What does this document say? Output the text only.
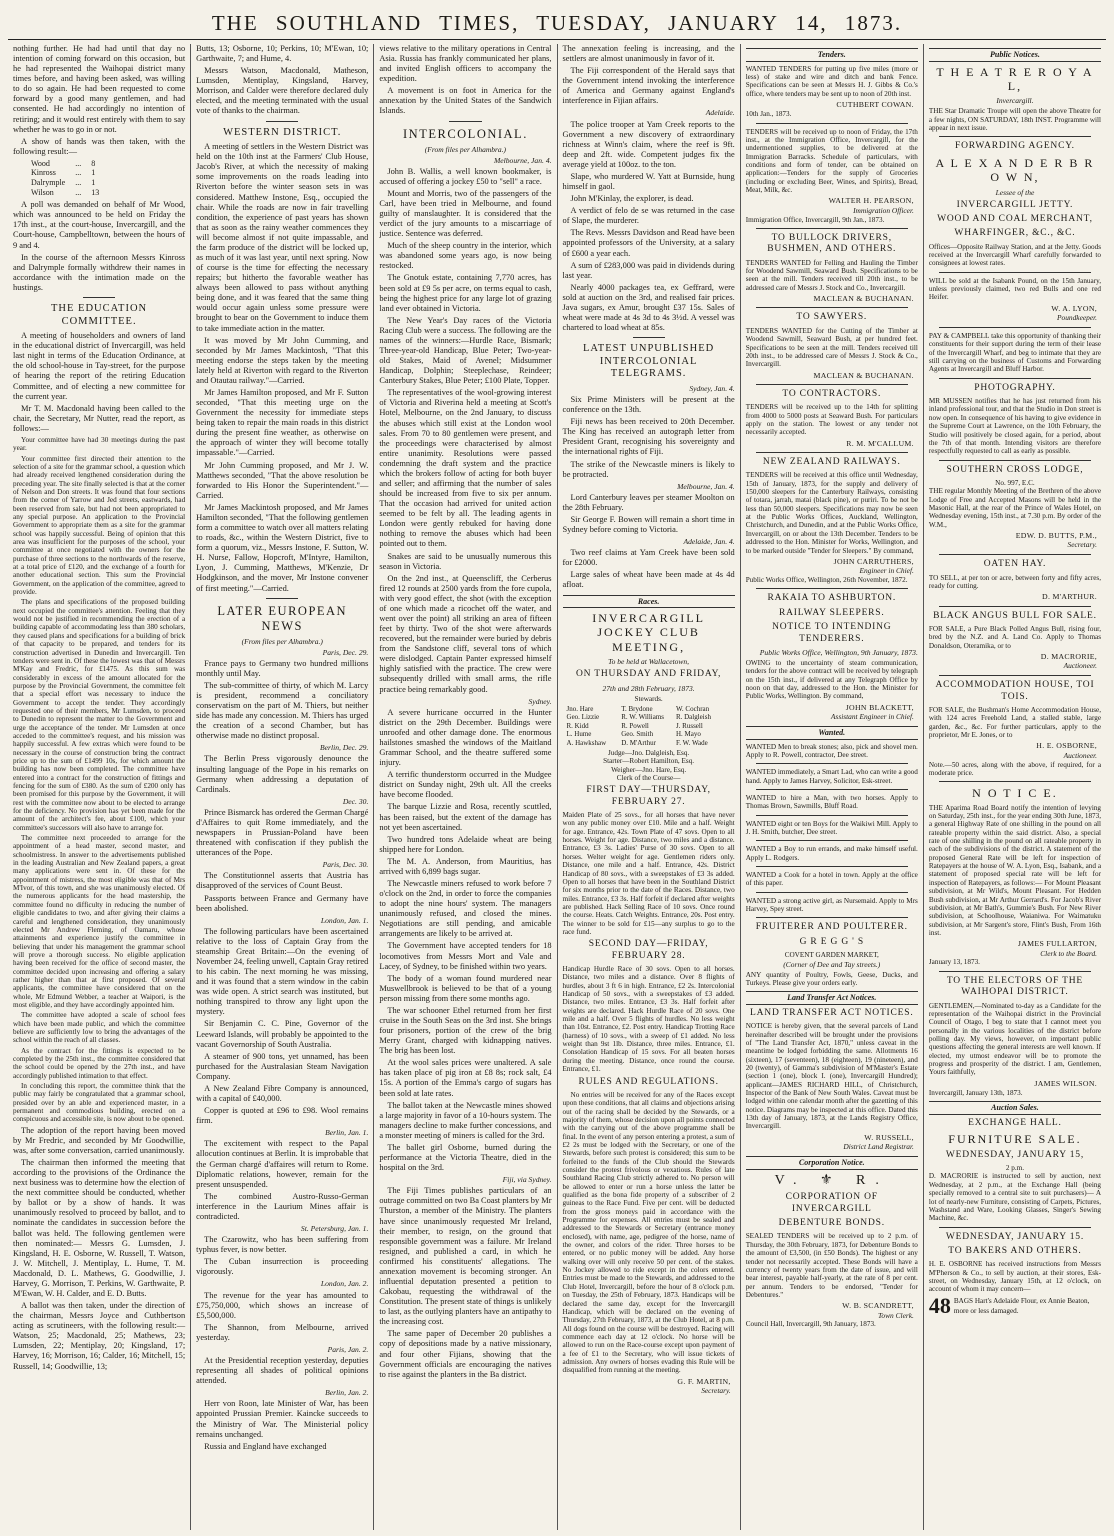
THE SOUTHLAND TIMES, TUESDAY, JANUARY 14, 1873.

nothing further. He had had until that day no intention of coming forward on this occasion, but he had represented the Waihopai district many times before, and having been asked, was willing to do so again. He had been requested to come forward by a good many gentlemen, and had consented. He had accordingly no intention of retiring; and it would rest entirely with them to say whether he was to go in or not.

A show of hands was then taken, with the following result:—

Wood	...	8
Kinross	...	1
Dalrymple	...	1
Wilson	...	13

A poll was demanded on behalf of Mr Wood, which was announced to be held on Friday the 17th inst., at the court-house, Invercargill, and the Court-house, Campbelltown, between the hours of 9 and 4.

In the course of the afternoon Messrs Kinross and Dalrymple formally withdrew their names in accordance with the intimation made on the hustings.

THE EDUCATION COMMITTEE.

A meeting of householders and owners of land in the educational district of Invercargill, was held last night in terms of the Education Ordinance, at the old school-house in Tay-street, for the purpose of hearing the report of the retiring Education Committee, and of electing a new committee for the current year.

Mr T. M. Macdonald having been called to the chair, the Secretary, Mr Nutter, read the report, as follows:—

Your committee have had 30 meetings during the past year.

Your committee first directed their attention to the selection of a site for the grammar school, a question which had already received lengthened consideration during the preceding year. The site finally selected is that at the corner of Nelson and Don streets. It was found that four sections from the corner of Yarrow and Jed streets, eastwards, had been reserved from sale, but had not been appropriated to any special purpose. An application to the Provincial Government to appropriate them as a site for the grammar school was happily successful. Being of opinion that this area was insufficient for the purposes of the school, your committee at once negotiated with the owners for the purchase of three sections to the northwards of the reserve, at a total price of £120, and the exchange of a fourth for another educational section. This sum the Provincial Government, on the application of the committee, agreed to provide.

The plans and specifications of the proposed building next occupied the committee's attention. Feeling that they would not be justified in recommending the erection of a building capable of accommodating less than 380 scholars, they caused plans and specifications for a building of brick of that capacity to be prepared, and tenders for its construction advertised in Dunedin and Invercargill. Ten tenders were sent in. Of these the lowest was that of Messrs M'Kay and Fredric, for £1475. As this sum was considerably in excess of the amount allocated for the purpose by the Provincial Government, the committee felt that a special effort was necessary to induce the Government to accept the tender. They accordingly requested one of their members, Mr Lumsden, to proceed to Dunedin to represent the matter to the Government and urge the acceptance of the tender. Mr Lumsden at once acceded to the committee's request, and his mission was happily successful. A few extras which were found to be necessary in the course of construction bring the contract price up to the sum of £1499 10s, for which amount the building has now been completed. The committee have entered into a contract for the construction of fittings and fencing for the sum of £380. As the sum of £200 only has been promised for this purpose by the Government, it will rest with the committee now about to be elected to arrange for the deficiency. No provision has yet been made for the amount of the architect's fee, about £100, which your committee's successors will also have to arrange for.

The committee next proceeded to arrange for the appointment of a head master, second master, and schoolmistress. In answer to the advertisements published in the leading Australian and New Zealand papers, a great many applications were sent in. Of these for the appointment of mistress, the most eligible was that of Mrs M'Ivor, of this town, and she was unanimously elected. Of the numerous applicants for the head mastership, the committee found no difficulty in reducing the number of eligible candidates to two, and after giving their claims a careful and lengthened consideration, they unanimously elected Mr Andrew Fleming, of Oamaru, whose attainments and experience justify the committee in believing that under his management the grammar school will prove a thorough success. No eligible application having been received for the office of second master, the committee decided upon increasing and offering a salary rather higher than that at first proposed. Of several applicants, the committee have considered that on the whole, Mr Edmund Webber, a teacher at Waipori, is the most eligible, and they have accordingly appointed him.

The committee have adopted a scale of school fees which have been made public, and which the committee believe are sufficiently low to bring the advantages of the school within the reach of all classes.

As the contract for the fittings is expected to be completed by the 25th inst., the committee considered that the school could be opened by the 27th inst., and have accordingly published intimation to that effect.

In concluding this report, the committee think that the public may fairly be congratulated that a grammar school, presided over by an able and experienced master, in a permanent and commodious building, erected on a conspicuous and accessible site, is now about to be opened.

The adoption of the report having been moved by Mr Fredric, and seconded by Mr Goodwillie, was, after some conversation, carried unanimously.

The chairman then informed the meeting that according to the provisions of the Ordinance the next business was to determine how the election of the next committee should be conducted, whether by ballot or by a show of hands. It was unanimously resolved to proceed by ballot, and to nominate the candidates in succession before the ballot was held. The following gentlemen were then nominated:— Messrs G. Lumsden, J. Kingsland, H. E. Osborne, W. Russell, T. Watson, J. W. Mitchell, J. Mentiplay, L. Hume, T. M. Macdonald, D. L. Mathews, G. Goodwillie, J. Harvey, G. Morrison, T. Perkins, W. Garthwaite, P. M'Ewan, W. H. Calder, and E. D. Butts.

A ballot was then taken, under the direction of the chairman, Messrs Joyce and Cuthbertson acting as scrutineers, with the following result:— Watson, 25; Macdonald, 25; Mathews, 23; Lumsden, 22; Mentiplay, 20; Kingsland, 17; Harvey, 16; Morrison, 16; Calder, 16; Mitchell, 15; Russell, 14; Goodwillie, 13;

Butts, 13; Osborne, 10; Perkins, 10; M'Ewan, 10; Garthwaite, 7; and Hume, 4.

Messrs Watson, Macdonald, Matheson, Lumsden, Mentiplay, Kingsland, Harvey, Morrison, and Calder were therefore declared duly elected, and the meeting terminated with the usual vote of thanks to the chairman.

WESTERN DISTRICT.

A meeting of settlers in the Western District was held on the 10th inst at the Farmers' Club House, Jacob's River, at which the necessity of making some improvements on the roads leading into Riverton before the winter season sets in was considered. Matthew Instone, Esq., occupied the chair. While the roads are now in fair travelling condition, the experience of past years has shown that as soon as the rainy weather commences they will become almost if not quite impassable, and the farm produce of the district will be locked up, as much of it was last year, until next spring. Now of course is the time for effecting the necessary repairs; but hitherto the favorable weather has always been allowed to pass without anything being done, and it was feared that the same thing would occur again unless some pressure were brought to bear on the Government to induce them to take immediate action in the matter.

It was moved by Mr John Cumming, and seconded by Mr James Mackintosh, "That this meeting endorse the steps taken by the meeting lately held at Riverton with regard to the Riverton and Otautau railway."—Carried.

Mr James Hamilton proposed, and Mr F. Sutton seconded, "That this meeting urge on the Government the necessity for immediate steps being taken to repair the main roads in this district during the present fine weather, as otherwise on the approach of winter they will become totally impassable."—Carried.

Mr John Cumming proposed, and Mr J. W. Matthews seconded, "That the above resolution be forwarded to His Honor the Superintendent."—Carried.

Mr James Mackintosh proposed, and Mr James Hamilton seconded, "That the following gentlemen form a committee to watch over all matters relating to roads, &c., within the Western District, five to form a quorum, viz., Messrs Instone, F. Sutton, W. H. Nurse, Fallow, Hopcroft, M'Intyre, Hamilton, Lyon, J. Cumming, Matthews, M'Kenzie, Dr Hodgkinson, and the mover, Mr Instone convener of first meeting."—Carried.

LATER EUROPEAN NEWS
(From files per Alhambra.)
Paris, Dec. 29.

France pays to Germany two hundred millions monthly until May.

The sub-committee of thirty, of which M. Larcy is president, recommend a conciliatory conservatism on the part of M. Thiers, but neither side has made any concession. M. Thiers has urged the creation of a second Chamber, but has otherwise made no distinct proposal.

Berlin, Dec. 29.

The Berlin Press vigorously denounce the insulting language of the Pope in his remarks on Germany when addressing a deputation of Cardinals.

Dec. 30.

Prince Bismarck has ordered the German Chargé d'Affaires to quit Rome immediately, and the newspapers in Prussian-Poland have been threatened with confiscation if they publish the utterances of the Pope.

Paris, Dec. 30.

The Constitutionnel asserts that Austria has disapproved of the services of Count Beust.

Passports between France and Germany have been abolished.

London, Jan. 1.

The following particulars have been ascertained relative to the loss of Captain Gray from the steamship Great Britain:—On the evening of November 24, feeling unwell, Captain Gray retired to his cabin. The next morning he was missing, and it was found that a stern window in the cabin was wide open. A strict search was instituted, but nothing transpired to throw any light upon the mystery.

Sir Benjamin C. C. Pine, Governor of the Leeward Islands, will probably be appointed to the vacant Governorship of South Australia.

A steamer of 900 tons, yet unnamed, has been purchased for the Australasian Steam Navigation Company.

A New Zealand Fibre Company is announced, with a capital of £40,000.

Copper is quoted at £96 to £98. Wool remains firm.

Berlin, Jan. 1.

The excitement with respect to the Papal allocution continues at Berlin. It is improbable that the German chargé d'affaires will return to Rome. Diplomatic relations, however, remain for the present unsuspended.

The combined Austro-Russo-German interference in the Laurium Mines affair is contradicted.

St. Petersburg, Jan. 1.

The Czarowitz, who has been suffering from typhus fever, is now better.

The Cuban insurrection is proceeding vigorously.

London, Jan. 2.

The revenue for the year has amounted to £75,750,000, which shows an increase of £5,500,000.

The Shannon, from Melbourne, arrived yesterday.

Paris, Jan. 2.

At the Presidential reception yesterday, deputies representing all shades of political opinions attended.

Berlin, Jan. 2.

Herr von Roon, late Minister of War, has been appointed Prussian Premier. Kaincke succeeds to the Ministry of War. The Ministerial policy remains unchanged.

Russia and England have exchanged

views relative to the military operations in Central Asia. Russia has frankly communicated her plans, and invited English officers to accompany the expedition.

A movement is on foot in America for the annexation by the United States of the Sandwich Islands.

INTERCOLONIAL.
(From files per Alhambra.)
Melbourne, Jan. 4.

John B. Wallis, a well known bookmaker, is accused of offering a jockey £50 to "sell" a race.

Mount and Morris, two of the passengers of the Carl, have been tried in Melbourne, and found guilty of manslaughter. It is considered that the verdict of the jury amounts to a miscarriage of justice. Sentence was deferred.

Much of the sheep country in the interior, which was abandoned some years ago, is now being restocked.

The Gnotuk estate, containing 7,770 acres, has been sold at £9 5s per acre, on terms equal to cash, being the highest price for any large lot of grazing land ever obtained in Victoria.

The New Year's Day races of the Victoria Racing Club were a success. The following are the names of the winners:—Hurdle Race, Bismark; Three-year-old Handicap, Blue Peter; Two-year-old Stakes, Maid of Avenel; Midsummer Handicap, Dolphin; Steeplechase, Reindeer; Canterbury Stakes, Blue Peter; £100 Plate, Topper.

The representatives of the wool-growing interest of Victoria and Riverina held a meeting at Scott's Hotel, Melbourne, on the 2nd January, to discuss the abuses which still exist at the London wool sales. From 70 to 80 gentlemen were present, and the proceedings were characterised by almost entire unanimity. Resolutions were passed condemning the draft system and the practice which the brokers follow of acting for both buyer and seller; and affirming that the number of sales should be increased from five to six per annum. That the occasion had arrived for united action seemed to be felt by all. The leading agents in London were gently rebuked for having done nothing to remove the abuses which had been pointed out to them.

Snakes are said to be unusually numerous this season in Victoria.

On the 2nd inst., at Queenscliff, the Cerberus fired 12 rounds at 2500 yards from the fore cupola, with very good effect, the shot (with the exception of one which made a ricochet off the water, and went over the point) all striking an area of fifteen feet by thirty. Two of the shot were afterwards recovered, but the remainder were buried by debris from the Sandstone cliff, several tons of which were dislodged. Captain Panter expressed himself highly satisfied with the practice. The crew were subsequently drilled with small arms, the rifle practice being remarkably good.

Sydney.

A severe hurricane occurred in the Hunter district on the 29th December. Buildings were unroofed and other damage done. The enormous hailstones smashed the windows of the Maitland Grammar School, and the theatre suffered some injury.

A terrific thunderstorm occurred in the Mudgee district on Sunday night, 29th ult. All the creeks have become flooded.

The barque Lizzie and Rosa, recently scuttled, has been raised, but the extent of the damage has not yet been ascertained.

Two hundred tons Adelaide wheat are being shipped here for London.

The M. A. Anderson, from Mauritius, has arrived with 6,899 bags sugar.

The Newcastle miners refused to work before 7 o'clock on the 2nd, in order to force the companies to adopt the nine hours' system. The managers unanimously refused, and closed the mines. Negotiations are still pending, and amicable arrangements are likely to be arrived at.

The Government have accepted tenders for 18 locomotives from Messrs Mort and Vale and Lacey, of Sydney, to be finished within two years.

The body of a woman found murdered near Muswellbrook is believed to be that of a young person missing from there some months ago.

The war schooner Ethel returned from her first cruise in the South Seas on the 3rd inst. She brings four prisoners, portion of the crew of the brig Merry Grant, charged with kidnapping natives. The brig has been lost.

At the wool sales prices were unaltered. A sale has taken place of pig iron at £8 8s; rock salt, £4 15s. A portion of the Emma's cargo of sugars has been sold at late rates.

The ballot taken at the Newcastle mines showed a large majority in favor of a 10-hours system. The managers decline to make further concessions, and a monster meeting of miners is called for the 3rd.

The ballet girl Osborne, burned during the performance at the Victoria Theatre, died in the hospital on the 3rd.

Fiji, via Sydney.

The Fiji Times publishes particulars of an outrage committed on two Ba Coast planters by Mr Thurston, a member of the Ministry. The planters have since unanimously requested Mr Ireland, their member, to resign, on the ground that responsible government was a failure. Mr Ireland resigned, and published a card, in which he confirmed his constituents' allegations. The annexation movement is becoming stronger. An influential deputation presented a petition to Cakobau, requesting the withdrawal of the Constitution. The present state of things is unlikely to last, as the outlying planters have an antipathy to the increasing cost.

The same paper of December 20 publishes a copy of depositions made by a native missionary, and four other Fijians, showing that the Government officials are encouraging the natives to rise against the planters in the Ba district.

The annexation feeling is increasing, and the settlers are almost unanimously in favor of it.

The Fiji correspondent of the Herald says that the Government intend invoking the interference of America and Germany against England's interference in Fijian affairs.

Adelaide.

The police trooper at Yam Creek reports to the Government a new discovery of extraordinary richness at Winn's claim, where the reef is 9ft. deep and 2ft. wide. Competent judges fix the average yield at 100oz. to the ton.

Slape, who murdered W. Yatt at Burnside, hung himself in gaol.

John M'Kinlay, the explorer, is dead.

A verdict of felo de se was returned in the case of Slape, the murderer.

The Revs. Messrs Davidson and Read have been appointed professors of the University, at a salary of £600 a year each.

A sum of £283,000 was paid in dividends during last year.

Nearly 4000 packages tea, ex Geffrard, were sold at auction on the 3rd, and realised fair prices. Java sugars, ex Amur, brought £37 15s. Sales of wheat were made at 4s 3d to 4s 3½d. A vessel was chartered to load wheat at 85s.

LATEST UNPUBLISHED INTERCOLONIAL TELEGRAMS.
Sydney, Jan. 4.

Six Prime Ministers will be present at the conference on the 13th.

Fiji news has been received to 20th December. The King has received an autograph letter from President Grant, recognising his sovereignty and the international rights of Fiji.

The strike of the Newcastle miners is likely to be protracted.

Melbourne, Jan. 4.

Lord Canterbury leaves per steamer Moolton on the 28th February.

Sir George F. Bowen will remain a short time in Sydney before coming to Victoria.

Adelaide, Jan. 4.

Two reef claims at Yam Creek have been sold for £2000.

Large sales of wheat have been made at 4s 4d afloat.

Races.
INVERCARGILL JOCKEY CLUB MEETING,
To be held at Wallacetown,
ON THURSDAY AND FRIDAY,
27th and 28th February, 1873.
Stewards.
Jno. Hare	T. Brydone	W. Cochran
Geo. Lizzie	R. W. Williams	R. Dalgleish
R. Kidd	R. Powell	J. Russell
L. Hume	Geo. Smith	H. Mayo
A. Hawkshaw	D. M'Arthur	F. W. Wade
Judge—Jno. Dalgleish, Esq.
Starter—Robert Hamilton, Esq.
Weigher—Jno. Hare, Esq.
Clerk of the Course—
FIRST DAY—THURSDAY, FEBRUARY 27.

Maiden Plate of 25 sovs., for all horses that have never won any public money over £10. Mile and a half. Weight for age. Entrance, 42s. Town Plate of 47 sovs. Open to all horses. Weight for age. Distance, two miles and a distance. Entrance, £3 3s. Ladies' Purse of 30 sovs. Open to all horses. Welter weight for age. Gentlemen riders only. Distance, one mile and a half. Entrance, 42s. District Handicap of 80 sovs., with a sweepstakes of £3 3s added. Open to all horses that have been in the Southland District for six months prior to the date of the Races. Distance, two miles. Entrance, £3 3s. Half forfeit if declared after weights are published. Hack Selling Race of 10 sovs. Once round the course. Heats. Catch Weights. Entrance, 20s. Post entry. The winner to be sold for £15—any surplus to go to the race fund.

SECOND DAY—FRIDAY, FEBRUARY 28.

Handicap Hurdle Race of 30 sovs. Open to all horses. Distance, two miles and a distance. Over 8 flights of hurdles, about 3 ft 6 in high. Entrance, £2 2s. Intercolonial Handicap of 50 sovs., with a sweepstakes of £3 added. Distance, two miles. Entrance, £3 3s. Half forfeit after weights are declared. Hack Hurdle Race of 20 sovs. One mile and a half. Over 5 flights of hurdles. No less weight than 10st. Entrance, £2. Post entry. Handicap Trotting Race (harness) of 10 sovs., with a sweep of £1 added. No less weight than 9st 1lb. Distance, three miles. Entrance, £1. Consolation Handicap of 15 sovs. For all beaten horses during the meeting. Distance, once round the course. Entrance, £1.

RULES AND REGULATIONS.

No entries will be received for any of the Races except upon these conditions, that all claims and objections arising out of the racing shall be decided by the Stewards, or a majority of them, whose decision upon all points connected with the carrying out of the above programme shall be final. In the event of any person entering a protest, a sum of £2 2s must be lodged with the Secretary, or one of the Stewards, before such protest is considered; this sum to be forfeited to the funds of the Club should the Stewards consider the protest frivolous or vexatious. Rules of late Southland Racing Club strictly adhered to. No person will be allowed to enter or run a horse unless the latter be qualified as the bona fide property of a subscriber of 2 guineas to the Race Fund. Five per cent. will be deducted from the gross moneys paid in accordance with the Programme for expenses. All entries must be sealed and addressed to the Stewards or Secretary (entrance money enclosed), with name, age, pedigree of the horse, name of the owner, and colors of the rider. Three horses to be entered, or no public money will be added. Any horse walking over will only receive 50 per cent. of the stakes. No Jockey allowed to ride except in the colors entered. Entries must be made to the Stewards, and addressed to the Club Hotel, Invercargill, before the hour of 8 o'clock p.m. on Tuesday, the 25th of February, 1873. Handicaps will be declared the same day, except for the Invercargill Handicap, which will be declared on the evening of Thursday, 27th February, 1873, at the Club Hotel, at 8 p.m. All dogs found on the course will be destroyed. Racing will commence each day at 12 o'clock. No horse will be allowed to run on the Race-course except upon payment of a fee of £1 to the Secretary, who will issue tickets of admission. Any owners of horses evading this Rule will be disqualified from running at the meeting.

G. F. MARTIN,
Secretary.
Tenders.

WANTED TENDERS for putting up five miles (more or less) of stake and wire and ditch and bank Fence. Specifications can be seen at Messrs H. J. Gibbs & Co.'s office, where tenders may be sent up to noon of 20th inst.

CUTHBERT COWAN.
10th Jan., 1873.

TENDERS will be received up to noon of Friday, the 17th inst., at the Immigration Office, Invercargill, for the undermentioned supplies, to be delivered at the Immigration Barracks. Schedule of particulars, with conditions and form of tender, can be obtained on application:—Tenders for the supply of Groceries (including or excluding Beer, Wines, and Spirits), Bread, Meat, Milk, &c.

WALTER H. PEARSON,
Immigration Officer.
Immigration Office, Invercargill, 9th Jan., 1873.
TO BULLOCK DRIVERS, BUSHMEN, AND OTHERS.

TENDERS WANTED for Felling and Hauling the Timber for Woodend Sawmill, Seaward Bush. Specifications to be seen at the mill. Tenders received till 20th inst., to be addressed care of Messrs J. Stock and Co., Invercargill.

MACLEAN & BUCHANAN.
TO SAWYERS.

TENDERS WANTED for the Cutting of the Timber at Woodend Sawmill, Seaward Bush, at per hundred feet. Specifications to be seen at the mill. Tenders received till 20th inst., to be addressed care of Messrs J. Stock & Co., Invercargill.

MACLEAN & BUCHANAN.
TO CONTRACTORS.

TENDERS will be received up to the 14th for splitting from 4000 to 5000 posts at Seaward Bush. For particulars apply on the station. The lowest or any tender not necessarily accepted.

R. M. M'CALLUM.
NEW ZEALAND RAILWAYS.

TENDERS will be received at this office until Wednesday, 15th of January, 1873, for the supply and delivery of 150,000 sleepers for the Canterbury Railways, consisting of totara, jarrah, matai (black pine), or puriri. To be not be less than 50,000 sleepers. Specifications may now be seen at the Public Works Offices, Auckland, Wellington, Christchurch, and Dunedin, and at the Public Works Office, Invercargill, on or about the 13th December. Tenders to be addressed to the Hon. Minister for Works, Wellington, and to be marked outside "Tender for Sleepers." By command,

JOHN CARRUTHERS,
Engineer in Chief.
Public Works Office, Wellington, 26th November, 1872.
RAKAIA TO ASHBURTON.
RAILWAY SLEEPERS.
NOTICE TO INTENDING TENDERERS.
Public Works Office, Wellington, 9th January, 1873.

OWING to the uncertainty of steam communication, tenders for the above contract will be received by telegraph on the 15th inst., if delivered at any Telegraph Office by noon on that day, addressed to the Hon. the Minister for Public Works, Wellington. By command,

JOHN BLACKETT,
Assistant Engineer in Chief.
Wanted.

WANTED Men to break stones; also, pick and shovel men. Apply to R. Powell, contractor, Dee street.

WANTED immediately, a Smart Lad, who can write a good hand. Apply to James Harvey, Solicitor, Esk-street.

WANTED to hire a Man, with two horses. Apply to Thomas Brown, Sawmills, Bluff Road.

WANTED eight or ten Boys for the Waikiwi Mill. Apply to J. H. Smith, butcher, Dee street.

WANTED a Boy to run errands, and make himself useful. Apply L. Rodgers.

WANTED a Cook for a hotel in town. Apply at the office of this paper.

WANTED a strong active girl, as Nursemaid. Apply to Mrs Harvey, Spey street.

FRUITERER AND POULTERER.
G R E G G ' S
COVENT GARDEN MARKET,
(Corner of Dee and Tay streets.)

ANY quantity of Poultry, Fowls, Geese, Ducks, and Turkeys. Please give your orders early.

Land Transfer Act Notices.
LAND TRANSFER ACT NOTICES.

NOTICE is hereby given, that the several parcels of Land hereinafter described will be brought under the provisions of "The Land Transfer Act, 1870," unless caveat in the meantime be lodged forbidding the same. Allotments 16 (sixteen), 17 (seventeen), 18 (eighteen), 19 (nineteen), and 20 (twenty), of Gamma's subdivision of M'Master's Estate (section 1 (one), block I. (one), Invercargill Hundred); applicant—JAMES RICHARD HILL, of Christchurch, Inspector of the Bank of New South Wales. Caveat must be lodged within one calendar month after the gazetting of this notice. Diagrams may be inspected at this office. Dated this 13th day of January, 1873, at the Lands Registry Office, Invercargill.

W. RUSSELL,
District Land Registrar.
Corporation Notice.
V. ⚜ R.
CORPORATION OF INVERCARGILL
DEBENTURE BONDS.

SEALED TENDERS will be received up to 2 p.m. of Thursday, the 30th February, 1873, for Debenture Bonds to the amount of £3,500, (in £50 Bonds). The highest or any tender not necessarily accepted. These Bonds will have a currency of twenty years from the date of issue, and will bear interest, payable half-yearly, at the rate of 8 per cent. per annum. Tenders to be endorsed, "Tender for Debentures."

W. B. SCANDRETT,
Town Clerk.
Council Hall, Invercargill, 9th January, 1873.
Public Notices.
T H E A T R E R O Y A L,
Invercargill.

THE Star Dramatic Troupe will open the above Theatre for a few nights, ON SATURDAY, 18th INST. Programme will appear in next issue.

FORWARDING AGENCY.
A L E X A N D E R B R O W N,
Lessee of the
INVERCARGILL JETTY.
WOOD AND COAL MERCHANT,
WHARFINGER, &C., &C.

Offices—Opposite Railway Station, and at the Jetty. Goods received at the Invercargill Wharf carefully forwarded to consignees at lowest rates.

WILL be sold at the Isabank Pound, on the 15th January, unless previously claimed, two red Bulls and one red Heifer.

W. A. LYON,
Poundkeeper.

PAY & CAMPBELL take this opportunity of thanking their constituents for their support during the term of their lease of the Invercargill Wharf, and beg to intimate that they are still carrying on the business of Customs and Forwarding Agents at Invercargill and Bluff Harbor.

PHOTOGRAPHY.

MR MUSSEN notifies that he has just returned from his inland professional tour, and that the Studio in Don street is now open. In consequence of his having to give evidence in the Supreme Court at Lawrence, on the 10th February, the Studio will positively be closed again, for a period, about the 7th of that month. Intending visitors are therefore respectfully requested to call as early as possible.

SOUTHERN CROSS LODGE,
No. 997, E.C.

THE regular Monthly Meeting of the Brethren of the above Lodge of Free and Accepted Masons will be held in the Masonic Hall, at the rear of the Prince of Wales Hotel, on Wednesday evening, 15th inst., at 7.30 p.m. By order of the W.M.,

EDW. D. BUTTS, P.M.,
Secretary.
OATEN HAY.

TO SELL, at per ton or acre, between forty and fifty acres, ready for cutting.

D. M'ARTHUR.
BLACK ANGUS BULL FOR SALE.

FOR SALE, a Pure Black Polled Angus Bull, rising four, bred by the N.Z. and A. Land Co. Apply to Thomas Donaldson, Oteramika, or to

D. MACRORIE,
Auctioneer.
ACCOMMODATION HOUSE, TOI TOIS.

FOR SALE, the Bushman's Home Accommodation House, with 124 acres Freehold Land, a stalled stable, large garden, &c., &c. For further particulars, apply to the proprietor, Mr E. Jones, or to

H. E. OSBORNE,
Auctioneer.

Note.—50 acres, along with the above, if required, for a moderate price.

N O T I C E.

THE Aparima Road Board notify the intention of levying on Saturday, 25th inst., for the year ending 30th June, 1873, a general Highway Rate of one shilling in the pound on all rateable property within the said district. Also, a special rate of one shilling in the pound on all rateable property in each of the subdivisions of the district. A statement of the proposed General Rate will be left for inspection of Ratepayers at the house of W. A. Lyon, Esq., Isabank, and a statement of proposed special rate will be left for inspection of Ratepayers, as follows:— For Mount Pleasant subdivision, at Mr Wild's, Mount Pleasant. For Hedden Bush subdivision, at Mr Arthur Gerrard's. For Jacob's River subdivision, at Mr Bath's, Gummie's Bush. For New River subdivision, at Schoolhouse, Waianiwa. For Waimatuku subdivision, at Mr Sargent's store, Flint's Bush, From 16th inst.

JAMES FULLARTON,
Clerk to the Board.
January 13, 1873.
TO THE ELECTORS OF THE WAIHOPAI DISTRICT.

GENTLEMEN,—Nominated to-day as a Candidate for the representation of the Waihopai district in the Provincial Council of Otago, I beg to state that I cannot meet you personally in the various localities of the district before polling day. My views, however, on important public questions affecting the general interests are well known. If elected, my utmost endeavor will be to promote the progress and prosperity of the district. I am, Gentlemen, Yours faithfully,

JAMES WILSON.
Invercargill, January 13th, 1873.
Auction Sales.
EXCHANGE HALL.
FURNITURE SALE.
WEDNESDAY, JANUARY 15,
2 p.m.

D. MACRORIE is instructed to sell by auction, next Wednesday, at 2 p.m., at the Exchange Hall (being specially removed to a central site to suit purchasers)— A lot of nearly-new Furniture, consisting of Carpets, Pictures, Washstand and Ware, Looking Glasses, Singer's Sewing Machine, &c.

WEDNESDAY, JANUARY 15.
TO BAKERS AND OTHERS.

H. E. OSBORNE has received instructions from Messrs M'Pherson & Co., to sell by auction, at their stores, Esk-street, on Wednesday, January 15th, at 12 o'clock, on account of whom it may concern—

48 BAGS Hart's Adelaide Flour, ex Annie Beaton, more or less damaged.
